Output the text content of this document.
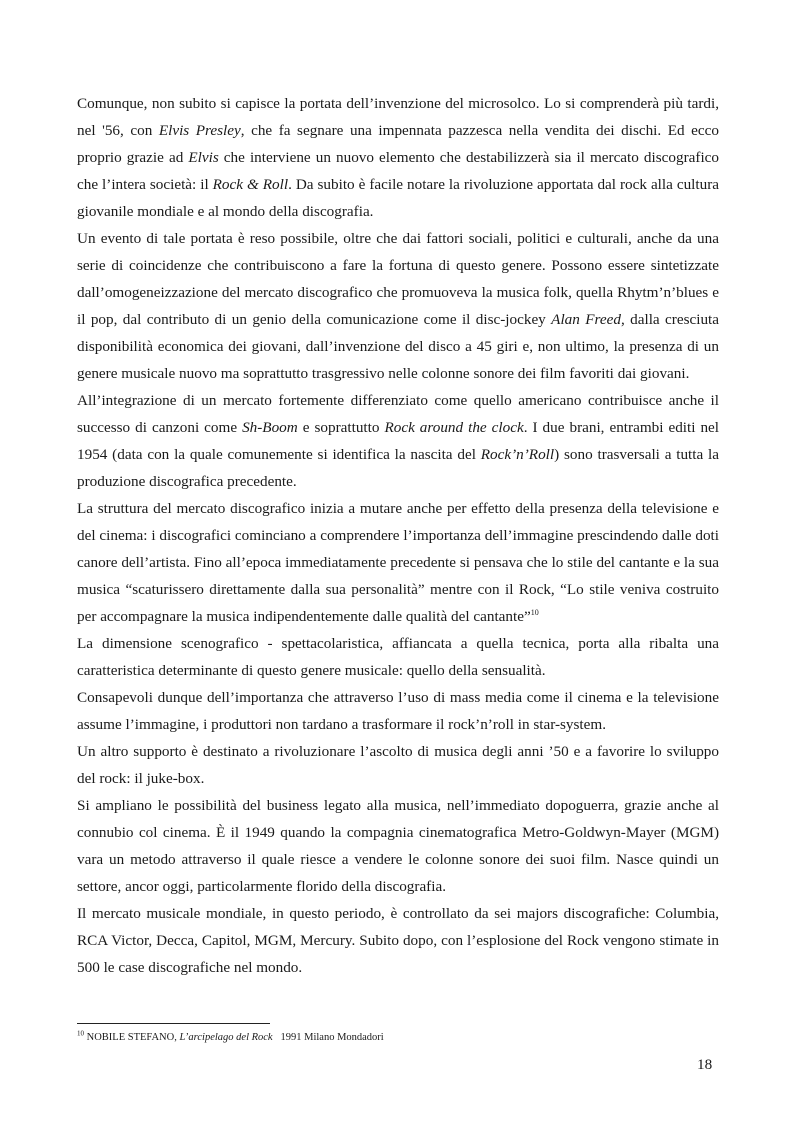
Comunque, non subito si capisce la portata dell’invenzione del microsolco. Lo si comprenderà più tardi, nel '56, con Elvis Presley, che fa segnare una impennata pazzesca nella vendita dei dischi. Ed ecco proprio grazie ad Elvis che interviene un nuovo elemento che destabilizzerà sia il mercato discografico che l’intera società: il Rock & Roll. Da subito è facile notare la rivoluzione apportata dal rock alla cultura giovanile mondiale e al mondo della discografia.

Un evento di tale portata è reso possibile, oltre che dai fattori sociali, politici e culturali, anche da una serie di coincidenze che contribuiscono a fare la fortuna di questo genere. Possono essere sintetizzate dall’omogeneizzazione del mercato discografico che promuoveva la musica folk, quella Rhytm’n’blues e il pop, dal contributo di un genio della comunicazione come il disc-jockey Alan Freed, dalla cresciuta disponibilità economica dei giovani, dall’invenzione del disco a 45 giri e, non ultimo, la presenza di un genere musicale nuovo ma soprattutto trasgressivo nelle colonne sonore dei film favoriti dai giovani.

All’integrazione di un mercato fortemente differenziato come quello americano contribuisce anche il successo di canzoni come Sh-Boom e soprattutto Rock around the clock. I due brani, entrambi editi nel 1954 (data con la quale comunemente si identifica la nascita del Rock’n’Roll) sono trasversali a tutta la produzione discografica precedente.

La struttura del mercato discografico inizia a mutare anche per effetto della presenza della televisione e del cinema: i discografici cominciano a comprendere l’importanza dell’immagine prescindendo dalle doti canore dell’artista. Fino all’epoca immediatamente precedente si pensava che lo stile del cantante e la sua musica “scaturissero direttamente dalla sua personalità” mentre con il Rock, “Lo stile veniva costruito per accompagnare la musica indipendentemente dalle qualità del cantante”$^{10}$

La dimensione scenografico - spettacolaristica, affiancata a quella tecnica, porta alla ribalta una caratteristica determinante di questo genere musicale: quello della sensualità.

Consapevoli dunque dell’importanza che attraverso l’uso di mass media come il cinema e la televisione assume l’immagine, i produttori non tardano a trasformare il rock’n’roll in star-system.

Un altro supporto è destinato a rivoluzionare l’ascolto di musica degli anni ’50 e a favorire lo sviluppo del rock: il juke-box.

Si ampliano le possibilità del business legato alla musica, nell’immediato dopoguerra, grazie anche al connubio col cinema. È il 1949 quando la compagnia cinematografica Metro-Goldwyn-Mayer (MGM) vara un metodo attraverso il quale riesce a vendere le colonne sonore dei suoi film. Nasce quindi un settore, ancor oggi, particolarmente florido della discografia.

Il mercato musicale mondiale, in questo periodo, è controllato da sei majors discografiche: Columbia, RCA Victor, Decca, Capitol, MGM, Mercury. Subito dopo, con l’esplosione del Rock vengono stimate in 500 le case discografiche nel mondo.

$^{10}$ NOBILE STEFANO, L’arcipelago del Rock   1991 Milano Mondadori
18
